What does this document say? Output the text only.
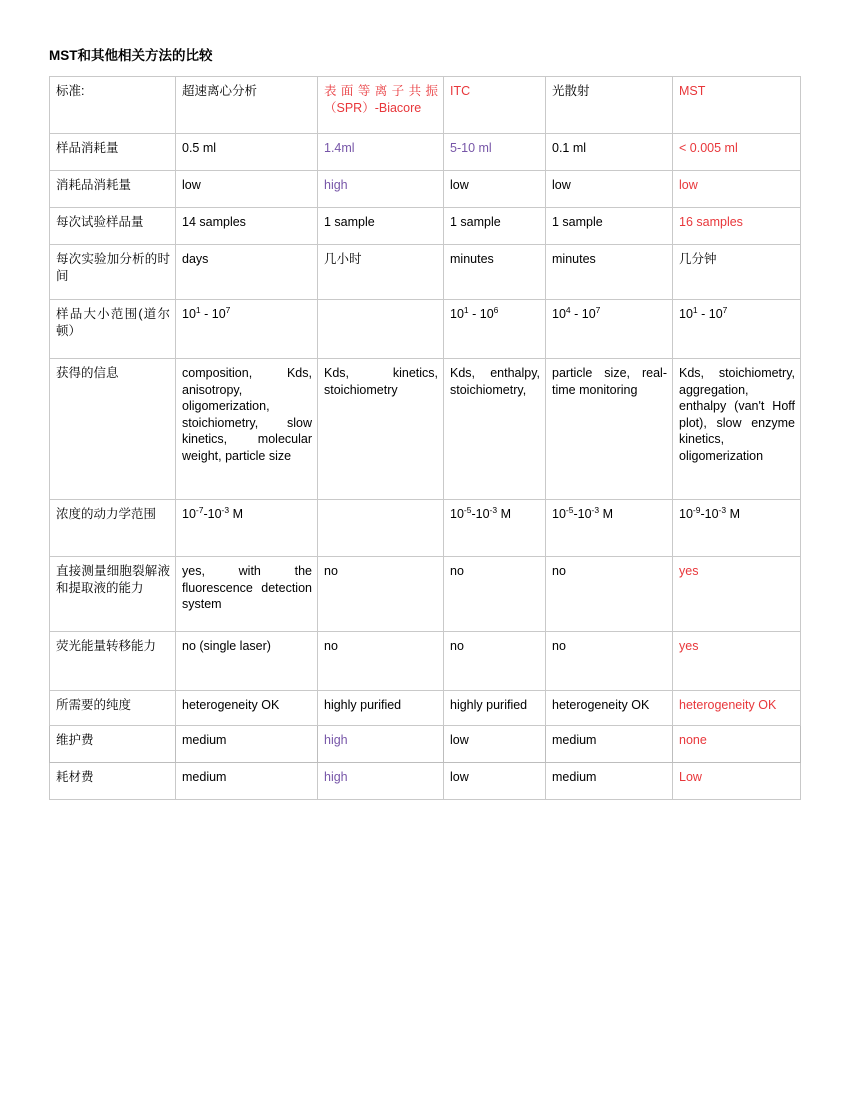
MST和其他相关方法的比较
标准:	超速离心分析	表面等离子共振（SPR）-Biacore	ITC	光散射	MST
样品消耗量	0.5 ml	1.4ml	5-10 ml	0.1 ml	< 0.005 ml
消耗品消耗量	low	high	low	low	low
每次试验样品量	14 samples	1 sample	1 sample	1 sample	16 samples
每次实验加分析的时间	days	几小时	minutes	minutes	几分钟
样品大小范围(道尔顿）	$10^1 - 10^7$		$10^1 - 10^6$	$10^4 - 10^7$	$10^1 - 10^7$
获得的信息	composition, Kds, anisotropy, oligomerization, stoichiometry, slow kinetics, molecular weight, particle size	Kds, kinetics, stoichiometry	Kds, enthalpy, stoichiometry,	particle size, real-time monitoring	Kds, stoichiometry, aggregation, enthalpy (van't Hoff plot), slow enzyme kinetics, oligomerization
浓度的动力学范围	$10^{-7}-10^{-3}$ M		$10^{-5}-10^{-3}$ M	$10^{-5}-10^{-3}$ M	$10^{-9}-10^{-3}$ M
直接测量细胞裂解液和提取液的能力	yes, with the fluorescence detection system	no	no	no	yes
荧光能量转移能力	no (single laser)	no	no	no	yes
所需要的纯度	heterogeneity OK	highly purified	highly purified	heterogeneity OK	heterogeneity OK
维护费	medium	high	low	medium	none
耗材费	medium	high	low	medium	Low
